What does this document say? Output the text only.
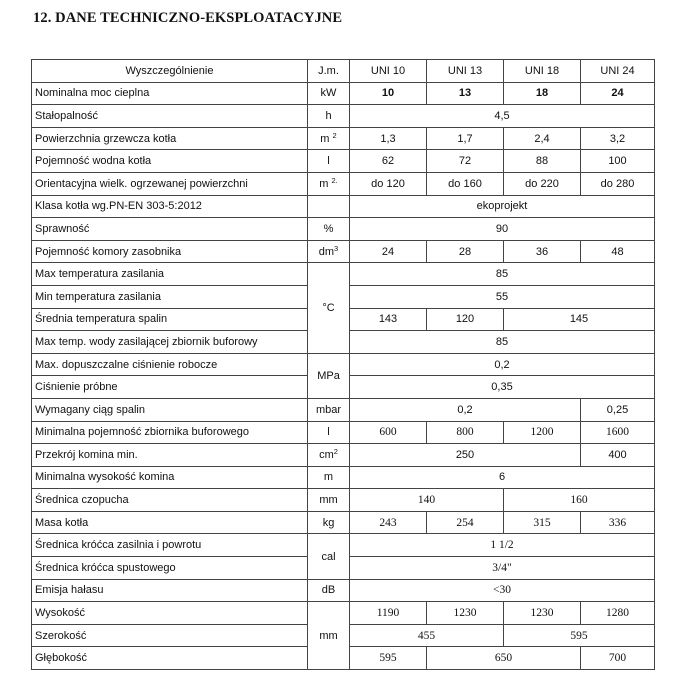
12. DANE TECHNICZNO-EKSPLOATACYJNE
Wyszczególnienie	J.m.	UNI 10	UNI 13	UNI 18	UNI 24
Nominalna moc cieplna	kW	10	13	18	24
Stałopalność	h	4,5			
Powierzchnia grzewcza kotła	m $^2$	1,3	1,7	2,4	3,2
Pojemność wodna kotła	l	62	72	88	100
Orientacyjna wielk. ogrzewanej powierzchni	m $^{2.}$	do 120	do 160	do 220	do 280
Klasa kotła wg.PN-EN 303-5:2012		ekoprojekt			
Sprawność	%	90			
Pojemność komory zasobnika	$dm^3$	24	28	36	48
Max temperatura zasilania	°C	85			
Min temperatura zasilania		55			
Średnia temperatura spalin		143	120	145	
Max temp. wody zasilającej zbiornik buforowy		85			
Max. dopuszczalne ciśnienie robocze	MPa	0,2			
Ciśnienie próbne		0,35			
Wymagany ciąg spalin	mbar	0,2			0,25
Minimalna pojemność zbiornika buforowego	l	600	800	1200	1600
Przekrój komina min.	$cm^2$	250			400
Minimalna wysokość komina	m	6			
Średnica czopucha	mm	140		160	
Masa kotła	kg	243	254	315	336
Średnica króćca zasilnia i powrotu	cal	1 1/2			
Średnica króćca spustowego		3/4"			
Emisja hałasu	dB	<30			
Wysokość	mm	1190	1230	1230	1280
Szerokość		455		595	
Głębokość		595	650		700
